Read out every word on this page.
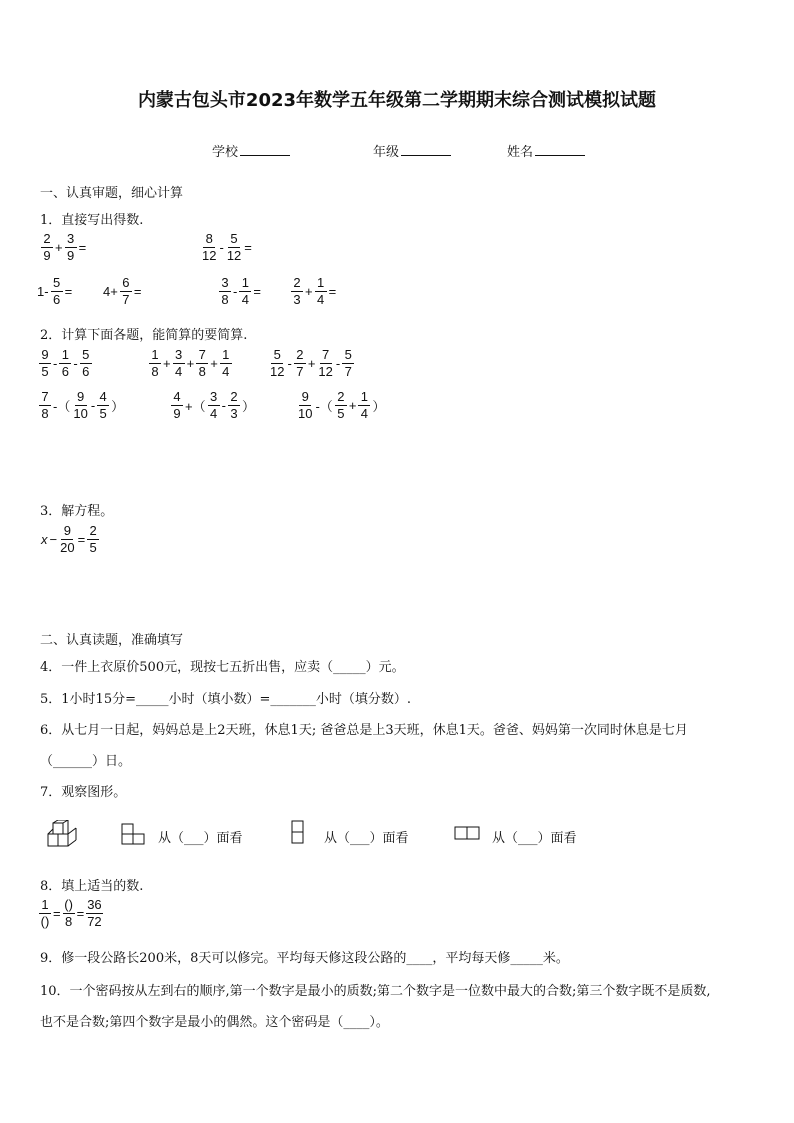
内蒙古包头市2023年数学五年级第二学期期末综合测试模拟试题
学校	年级	姓名
一、认真审题，细心计算
1．直接写出得数.
$\frac{2}{9} + \frac{3}{9}$ =	$\frac{8}{12} - \frac{5}{12}$ =
$1- \frac{5}{6} = 4+ \frac{6}{7}$ =	$\frac{3}{8} - \frac{1}{4} = \frac{2}{3} + \frac{1}{4}$ =
2．计算下面各题，能简算的要简算.
$\frac{9}{5} - \frac{1}{6} - \frac{5}{6}$	$\frac{1}{8} + \frac{3}{4} + \frac{7}{8} + \frac{1}{4}$	$\frac{5}{12} - \frac{2}{7} + \frac{7}{12} - \frac{5}{7}$
$\frac{7}{8}$ -（ $\frac{9}{10} - \frac{4}{5}$ ）	$\frac{4}{9}$ +（ $\frac{3}{4} - \frac{2}{3}$ ）	$\frac{9}{10}$ -（ $\frac{2}{5} + \frac{1}{4}$ ）
3．解方程。
$x - \frac{9}{20} = \frac{2}{5}$
二、认真读题，准确填写
4．一件上衣原价500元，现按七五折出售，应卖（_____）元。
5．1小时15分=_____小时（填小数）=_______小时（填分数）.
6．从七月一日起，妈妈总是上2天班，休息1天; 爸爸总是上3天班，休息1天。爸爸、妈妈第一次同时休息是七月
（______）日。
7．观察图形。
从（___）面看	从（___）面看	从（___）面看
8．填上适当的数.
$\frac{1}{()} = \frac{()}{8} = \frac{36}{72}$
9．修一段公路长200米，8天可以修完。平均每天修这段公路的____，平均每天修_____米。
10．一个密码按从左到右的顺序,第一个数字是最小的质数;第二个数字是一位数中最大的合数;第三个数字既不是质数,
也不是合数;第四个数字是最小的偶然。这个密码是（____）。
